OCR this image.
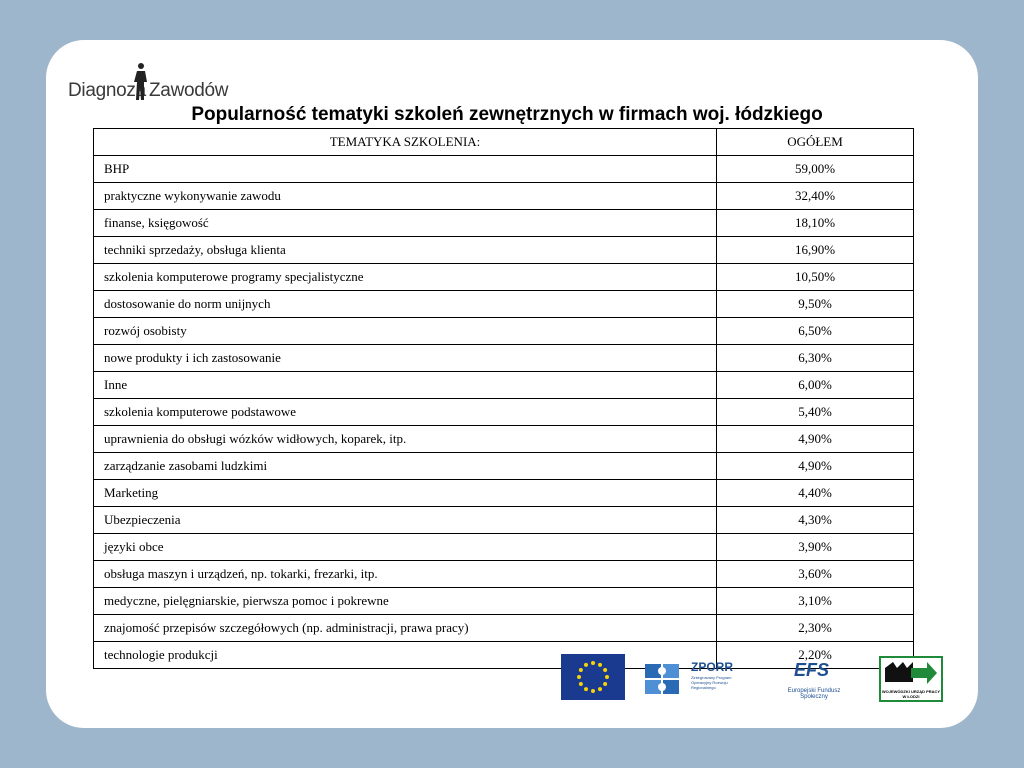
Diagnoza Zawodów
Popularność tematyki szkoleń zewnętrznych w firmach woj. łódzkiego
TEMATYKA SZKOLENIA:	OGÓŁEM
BHP	59,00%
praktyczne wykonywanie zawodu	32,40%
finanse, księgowość	18,10%
techniki sprzedaży, obsługa klienta	16,90%
szkolenia komputerowe programy specjalistyczne	10,50%
dostosowanie do norm unijnych	9,50%
rozwój osobisty	6,50%
nowe produkty i ich zastosowanie	6,30%
Inne	6,00%
szkolenia komputerowe podstawowe	5,40%
uprawnienia do obsługi wózków widłowych, koparek, itp.	4,90%
zarządzanie zasobami ludzkimi	4,90%
Marketing	4,40%
Ubezpieczenia	4,30%
języki obce	3,90%
obsługa maszyn i urządzeń, np. tokarki, frezarki, itp.	3,60%
medyczne, pielęgniarskie, pierwsza pomoc i pokrewne	3,10%
znajomość przepisów szczegółowych (np. administracji, prawa pracy)	2,30%
technologie produkcji	2,20%
ZPORR
Zintegrowany Program Operacyjny Rozwoju Regionalnego
EFS
Europejski Fundusz Społeczny
WOJEWÓDZKI URZĄD PRACY W ŁODZI
